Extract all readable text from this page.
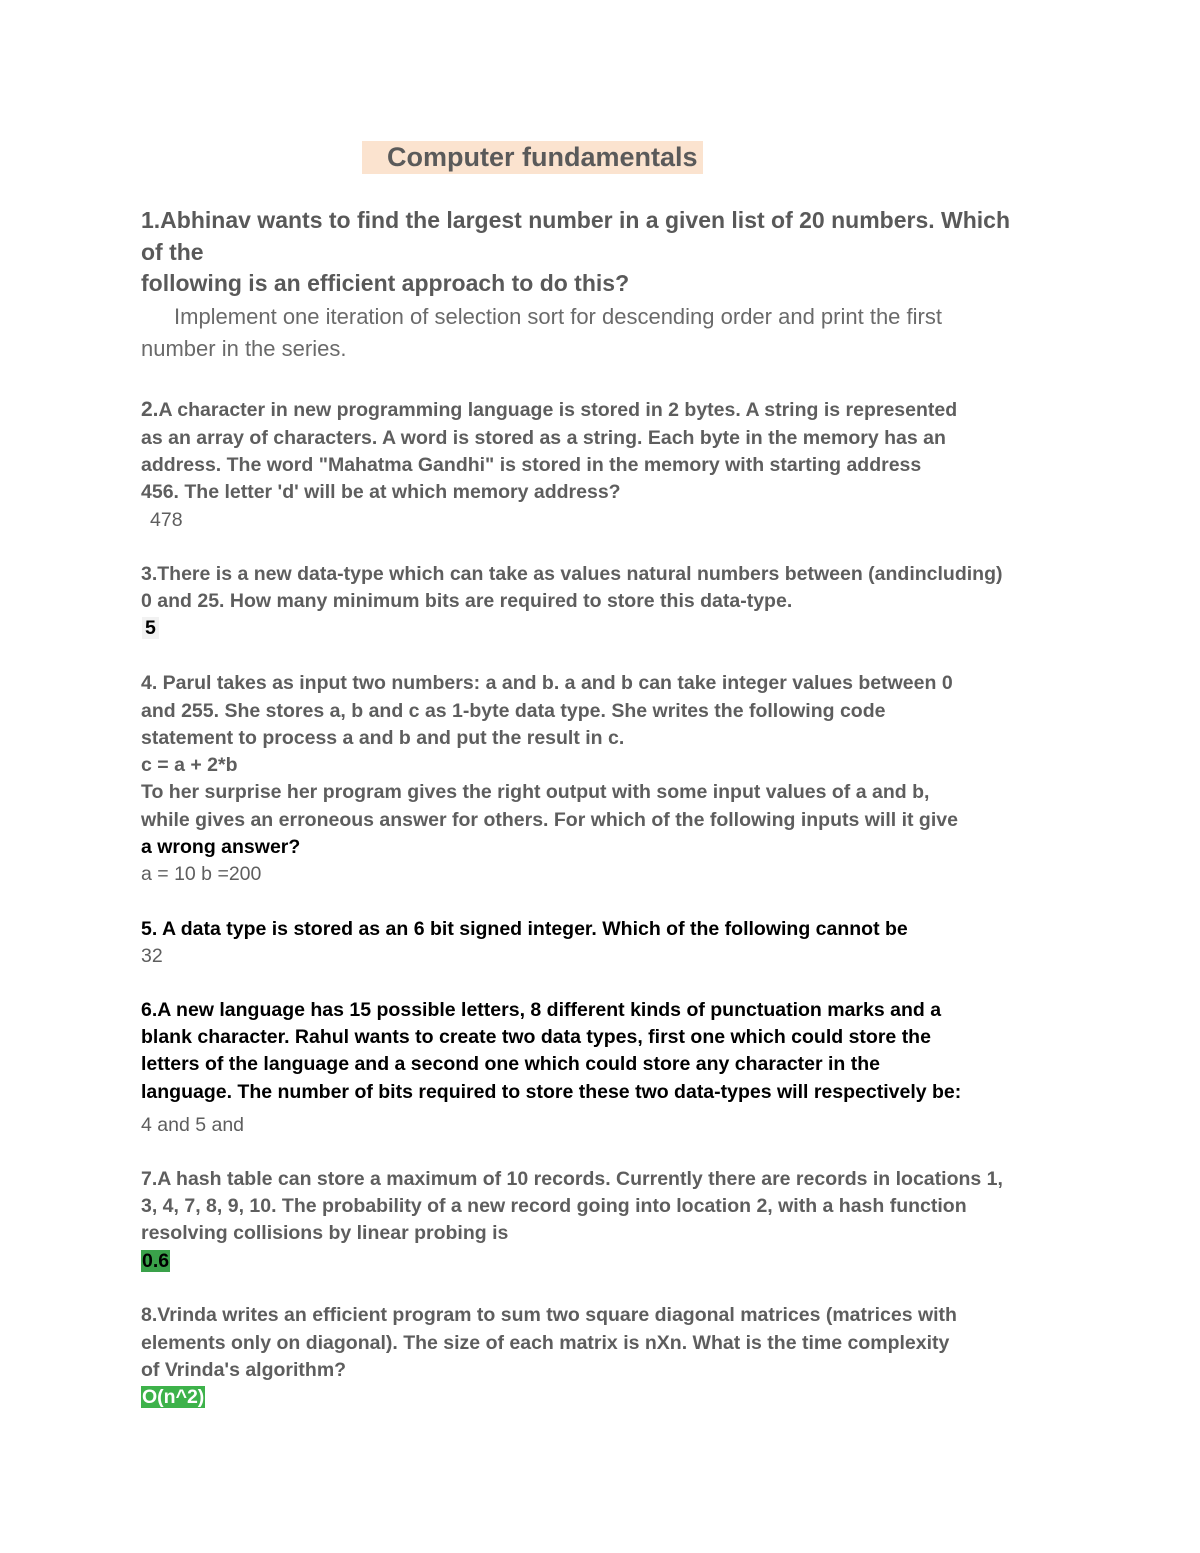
Computer fundamentals
1.Abhinav wants to find the largest number in a given list of 20 numbers. Which
of the
following is an efficient approach to do this?
Implement one iteration of selection sort for descending order and print the first
number in the series.
2.A character in new programming language is stored in 2 bytes. A string is represented
as an array of characters. A word is stored as a string. Each byte in the memory has an
address. The word "Mahatma Gandhi" is stored in the memory with starting address
456. The letter 'd' will be at which memory address?
478
3.There is a new data-type which can take as values natural numbers between (andincluding)
0 and 25. How many minimum bits are required to store this data-type.
5
4. Parul takes as input two numbers: a and b. a and b can take integer values between 0
and 255. She stores a, b and c as 1-byte data type. She writes the following code
statement to process a and b and put the result in c.
c = a + 2*b
To her surprise her program gives the right output with some input values of a and b,
while gives an erroneous answer for others. For which of the following inputs will it give
a wrong answer?
a = 10 b =200
5. A data type is stored as an 6 bit signed integer. Which of the following cannot be
32
6.A new language has 15 possible letters, 8 different kinds of punctuation marks and a
blank character. Rahul wants to create two data types, first one which could store the
letters of the language and a second one which could store any character in the
language. The number of bits required to store these two data-types will respectively be:
4 and 5 and
7.A hash table can store a maximum of 10 records. Currently there are records in locations 1,
3, 4, 7, 8, 9, 10. The probability of a new record going into location 2, with a hash function
resolving collisions by linear probing is
0.6
8.Vrinda writes an efficient program to sum two square diagonal matrices (matrices with
elements only on diagonal). The size of each matrix is nXn. What is the time complexity
of Vrinda's algorithm?
O(n^2)
